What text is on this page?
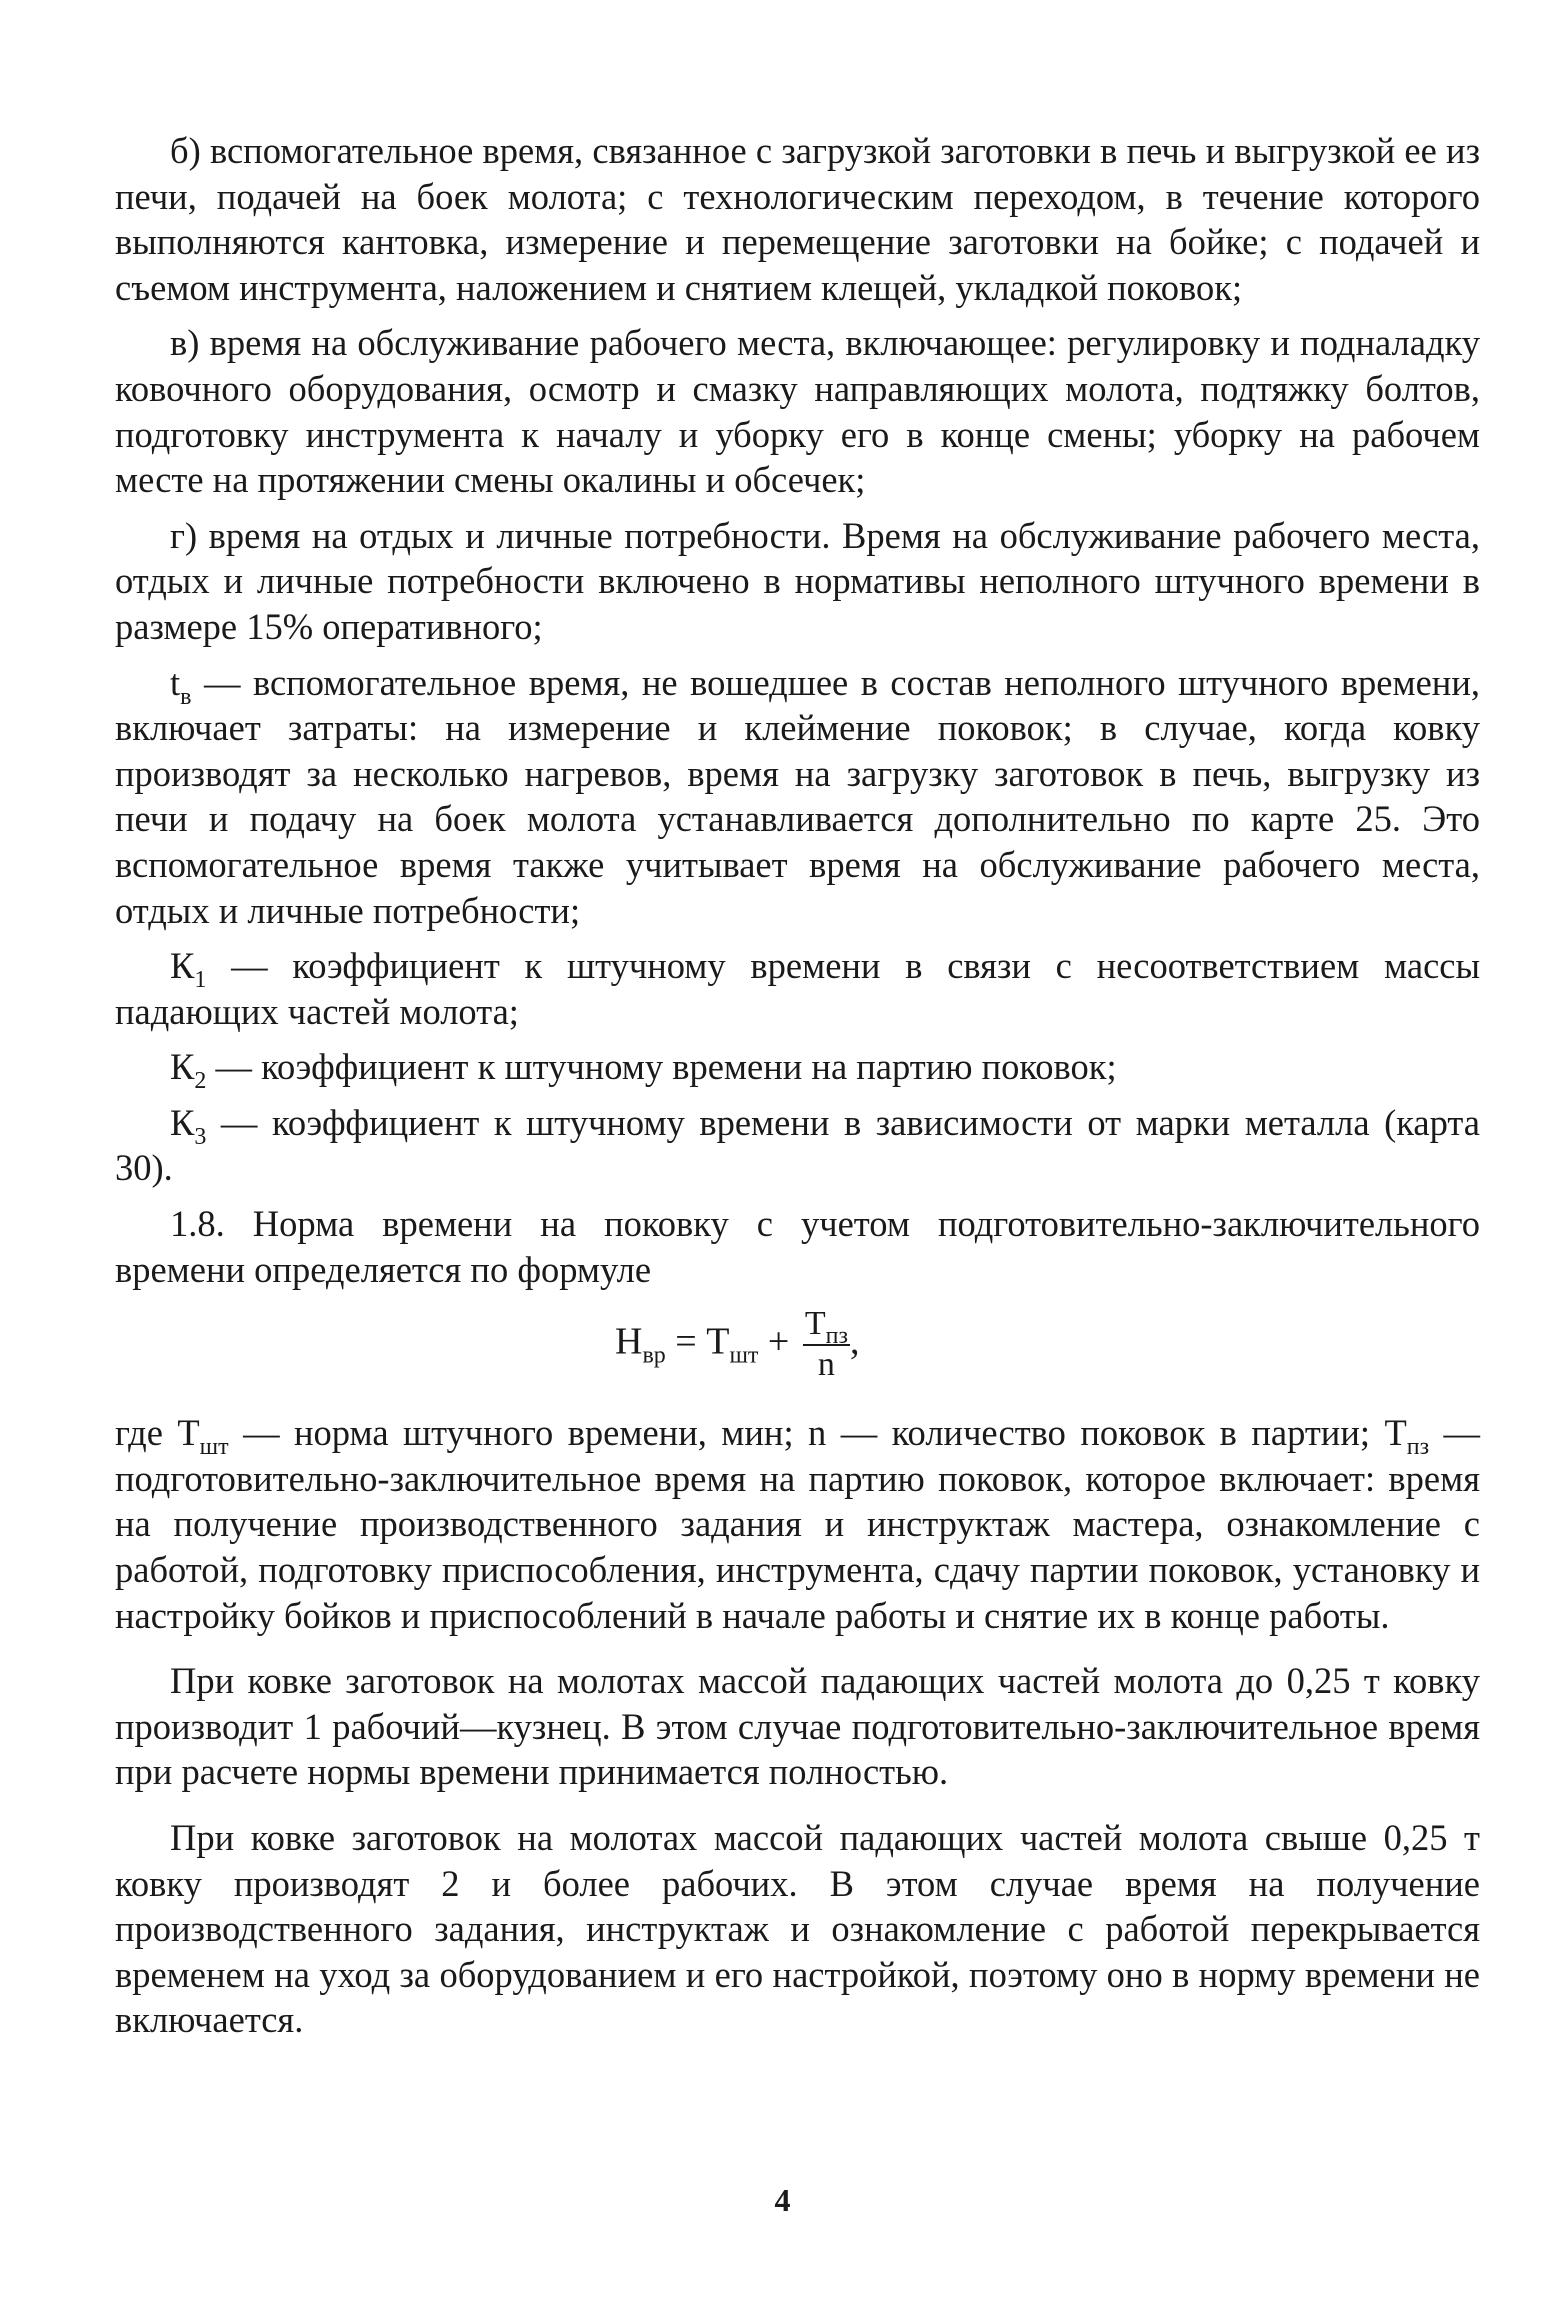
б) вспомогательное время, связанное с загрузкой заготовки в печь и выгрузкой ее из печи, подачей на боек молота; с технологическим переходом, в течение которого выполняются кантовка, измерение и перемещение заготовки на бойке; с подачей и съемом инструмента, наложением и снятием клещей, укладкой поковок;

в) время на обслуживание рабочего места, включающее: регулировку и подналадку ковочного оборудования, осмотр и смазку направляющих молота, подтяжку болтов, подготовку инструмента к началу и уборку его в конце смены; уборку на рабочем месте на протяжении смены окалины и обсечек;

г) время на отдых и личные потребности. Время на обслуживание рабочего места, отдых и личные потребности включено в нормативы неполного штучного времени в размере 15% оперативного;

$t_в$ — вспомогательное время, не вошедшее в состав неполного штучного времени, включает затраты: на измерение и клеймение поковок; в случае, когда ковку производят за несколько нагревов, время на загрузку заготовок в печь, выгрузку из печи и подачу на боек молота устанавливается дополнительно по карте 25. Это вспомогательное время также учитывает время на обслуживание рабочего места, отдых и личные потребности;

$К_1$ — коэффициент к штучному времени в связи с несоответствием массы падающих частей молота;

$К_2$ — коэффициент к штучному времени на партию поковок;

$К_3$ — коэффициент к штучному времени в зависимости от марки металла (карта 30).

1.8. Норма времени на поковку с учетом подготовительно-заключительного времени определяется по формуле

$Н_{вр} = Т_{шт} + \frac{Т_{пз}}{n}$ ,

где $Т_{шт}$ — норма штучного времени, мин; n — количество поковок в партии; $Т_{пз}$ — подготовительно-заключительное время на партию поковок, которое включает: время на получение производственного задания и инструктаж мастера, ознакомление с работой, подготовку приспособления, инструмента, сдачу партии поковок, установку и настройку бойков и приспособлений в начале работы и снятие их в конце работы.

При ковке заготовок на молотах массой падающих частей молота до 0,25 т ковку производит 1 рабочий—кузнец. В этом случае подготовительно-заключительное время при расчете нормы времени принимается полностью.

При ковке заготовок на молотах массой падающих частей молота свыше 0,25 т ковку производят 2 и более рабочих. В этом случае время на получение производственного задания, инструктаж и ознакомление с работой перекрывается временем на уход за оборудованием и его настройкой, поэтому оно в норму времени не включается.

4
